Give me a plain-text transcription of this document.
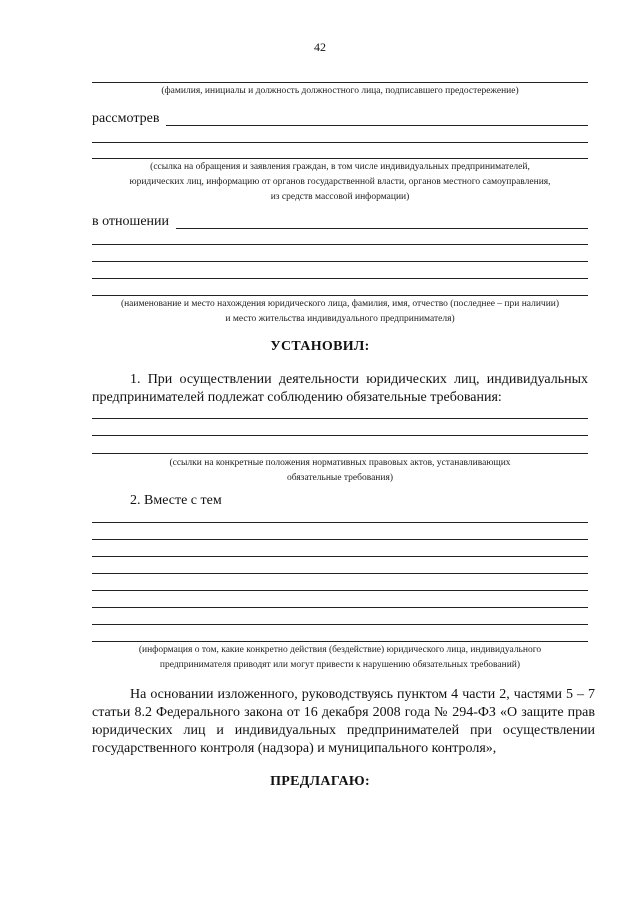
42
(фамилия, инициалы и должность должностного лица, подписавшего предостережение)
рассмотрев
(ссылка на обращения и заявления граждан, в том числе индивидуальных предпринимателей,
юридических лиц, информацию от органов государственной власти, органов местного самоуправления,
из средств массовой информации)
в отношении
(наименование и место нахождения юридического лица, фамилия, имя, отчество (последнее – при наличии)
и место жительства индивидуального предпринимателя)
УСТАНОВИЛ:
1. При осуществлении деятельности юридических лиц, индивидуальных предпринимателей подлежат соблюдению обязательные требования:
(ссылки на конкретные положения нормативных правовых актов, устанавливающих
обязательные требования)
2. Вместе с тем
(информация о том, какие конкретно действия (бездействие) юридического лица, индивидуального
предпринимателя приводят или могут привести к нарушению обязательных требований)
На основании изложенного, руководствуясь пунктом 4 части 2, частями 5 – 7 статьи 8.2 Федерального закона от 16 декабря 2008 года № 294-ФЗ «О защите прав юридических лиц и индивидуальных предпринимателей при осуществлении государственного контроля (надзора) и муниципального контроля»,
ПРЕДЛАГАЮ:
